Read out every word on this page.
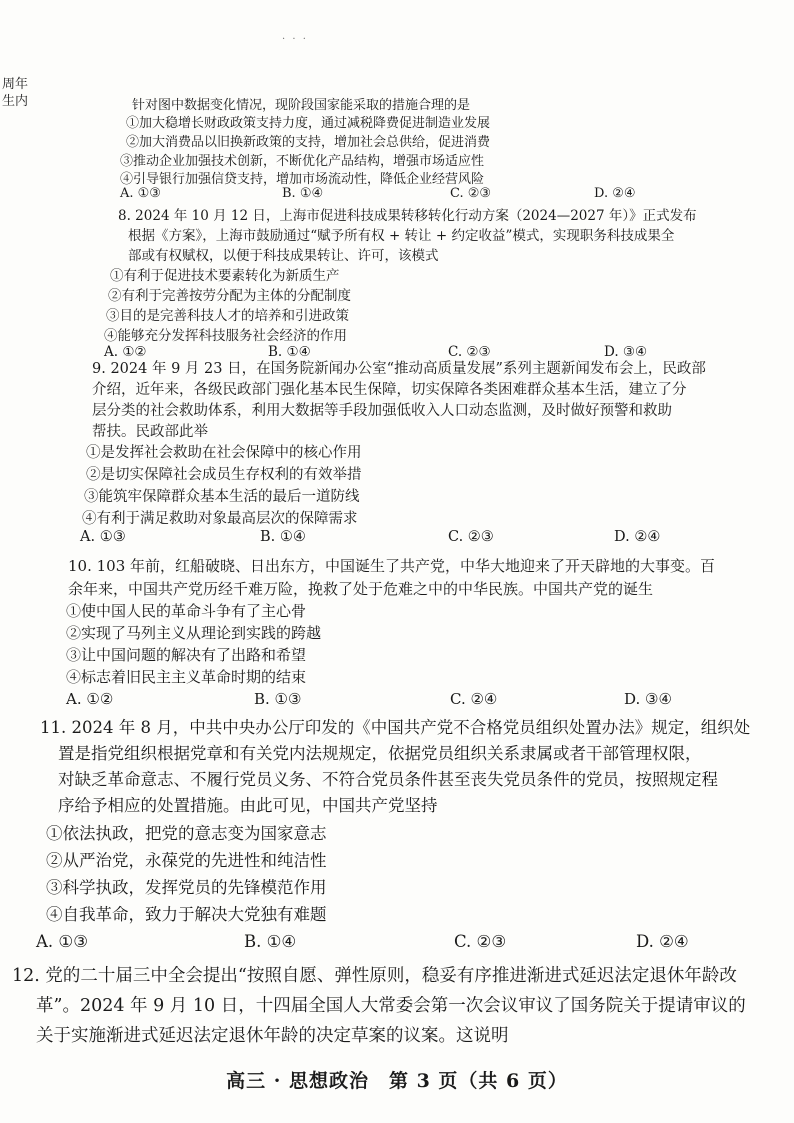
· · ·
周年
生内	针对图中数据变化情况，现阶段国家能采取的措施合理的是
①加大稳增长财政政策支持力度，通过减税降费促进制造业发展
②加大消费品以旧换新政策的支持，增加社会总供给，促进消费
③推动企业加强技术创新，不断优化产品结构，增强市场适应性
④引导银行加强信贷支持，增加市场流动性，降低企业经营风险
A. ①③	B. ①④	C. ②③	D. ②④
8. 2024 年 10 月 12 日，上海市促进科技成果转移转化行动方案（2024—2027 年）》正式发布
根据《方案》，上海市鼓励通过“赋予所有权 + 转让 + 约定收益”模式，实现职务科技成果全
部或有权赋权，以便于科技成果转让、许可，该模式
①有利于促进技术要素转化为新质生产
②有利于完善按劳分配为主体的分配制度
③目的是完善科技人才的培养和引进政策
④能够充分发挥科技服务社会经济的作用
A. ①②	B. ①④	C. ②③	D. ③④
9. 2024 年 9 月 23 日，在国务院新闻办公室“推动高质量发展”系列主题新闻发布会上，民政部
介绍，近年来，各级民政部门强化基本民生保障，切实保障各类困难群众基本生活，建立了分
层分类的社会救助体系，利用大数据等手段加强低收入人口动态监测，及时做好预警和救助
帮扶。民政部此举
①是发挥社会救助在社会保障中的核心作用
②是切实保障社会成员生存权利的有效举措
③能筑牢保障群众基本生活的最后一道防线
④有利于满足救助对象最高层次的保障需求
A. ①③	B. ①④	C. ②③	D. ②④
10. 103 年前，红船破晓、日出东方，中国诞生了共产党，中华大地迎来了开天辟地的大事变。百
余年来，中国共产党历经千难万险，挽救了处于危难之中的中华民族。中国共产党的诞生
①使中国人民的革命斗争有了主心骨
②实现了马列主义从理论到实践的跨越
③让中国问题的解决有了出路和希望
④标志着旧民主主义革命时期的结束
A. ①②	B. ①③	C. ②④	D. ③④
11. 2024 年 8 月，中共中央办公厅印发的《中国共产党不合格党员组织处置办法》规定，组织处
置是指党组织根据党章和有关党内法规规定，依据党员组织关系隶属或者干部管理权限，
对缺乏革命意志、不履行党员义务、不符合党员条件甚至丧失党员条件的党员，按照规定程
序给予相应的处置措施。由此可见，中国共产党坚持
①依法执政，把党的意志变为国家意志
②从严治党，永葆党的先进性和纯洁性
③科学执政，发挥党员的先锋模范作用
④自我革命，致力于解决大党独有难题
A. ①③	B. ①④	C. ②③	D. ②④
12. 党的二十届三中全会提出“按照自愿、弹性原则，稳妥有序推进渐进式延迟法定退休年龄改
革”。2024 年 9 月 10 日，十四届全国人大常委会第一次会议审议了国务院关于提请审议的
关于实施渐进式延迟法定退休年龄的决定草案的议案。这说明
高三 · 思想政治　第 3 页（共 6 页）
